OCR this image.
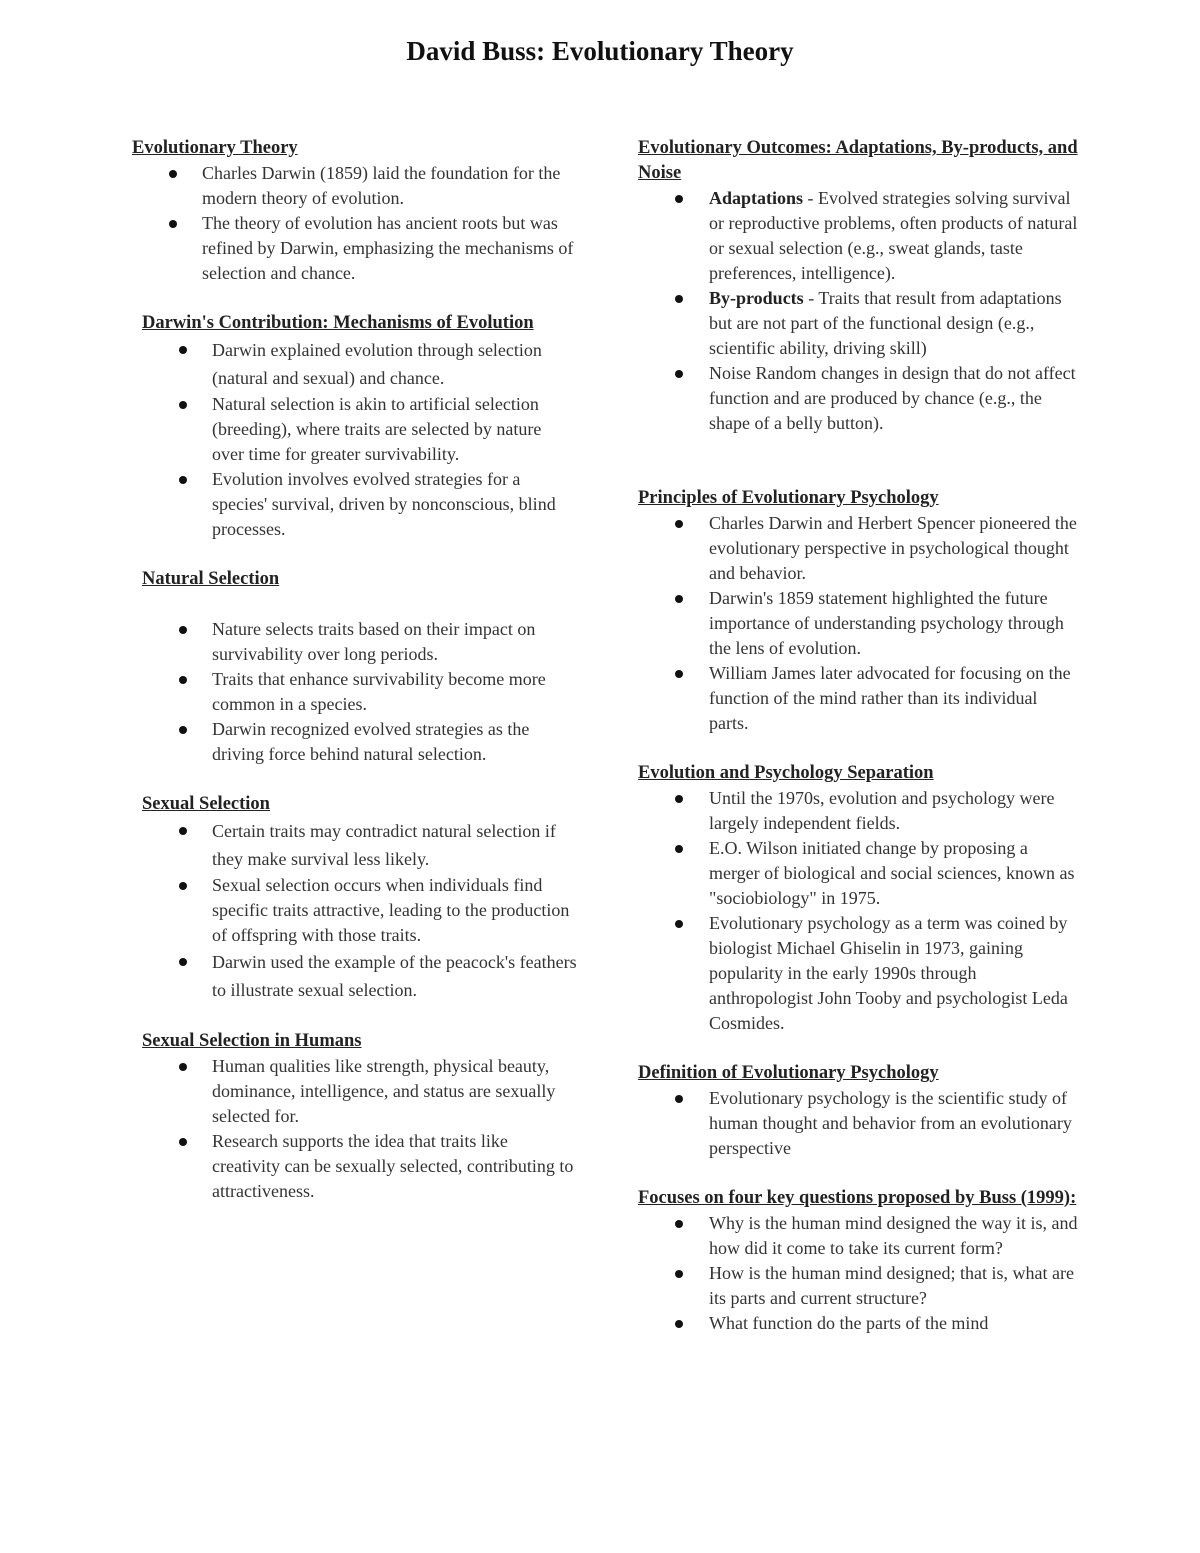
David Buss: Evolutionary Theory

Evolutionary Theory

Charles Darwin (1859) laid the foundation for the modern theory of evolution.
The theory of evolution has ancient roots but was refined by Darwin, emphasizing the mechanisms of selection and chance.

Darwin's Contribution: Mechanisms of Evolution

Darwin explained evolution through selection (natural and sexual) and chance.
Natural selection is akin to artificial selection (breeding), where traits are selected by nature over time for greater survivability.
Evolution involves evolved strategies for a species' survival, driven by nonconscious, blind processes.

Natural Selection

Nature selects traits based on their impact on survivability over long periods.
Traits that enhance survivability become more common in a species.
Darwin recognized evolved strategies as the driving force behind natural selection.

Sexual Selection

Certain traits may contradict natural selection if they make survival less likely.
Sexual selection occurs when individuals find specific traits attractive, leading to the production of offspring with those traits.
Darwin used the example of the peacock's feathers to illustrate sexual selection.

Sexual Selection in Humans

Human qualities like strength, physical beauty, dominance, intelligence, and status are sexually selected for.
Research supports the idea that traits like creativity can be sexually selected, contributing to attractiveness.

Evolutionary Outcomes: Adaptations, By-products, and Noise

Adaptations - Evolved strategies solving survival or reproductive problems, often products of natural or sexual selection (e.g., sweat glands, taste preferences, intelligence).
By-products - Traits that result from adaptations but are not part of the functional design (e.g., scientific ability, driving skill)
Noise Random changes in design that do not affect function and are produced by chance (e.g., the shape of a belly button).

Principles of Evolutionary Psychology

Charles Darwin and Herbert Spencer pioneered the evolutionary perspective in psychological thought and behavior.
Darwin's 1859 statement highlighted the future importance of understanding psychology through the lens of evolution.
William James later advocated for focusing on the function of the mind rather than its individual parts.

Evolution and Psychology Separation

Until the 1970s, evolution and psychology were largely independent fields.
E.O. Wilson initiated change by proposing a merger of biological and social sciences, known as "sociobiology" in 1975.
Evolutionary psychology as a term was coined by biologist Michael Ghiselin in 1973, gaining popularity in the early 1990s through anthropologist John Tooby and psychologist Leda Cosmides.

Definition of Evolutionary Psychology

Evolutionary psychology is the scientific study of human thought and behavior from an evolutionary perspective

Focuses on four key questions proposed by Buss (1999):

Why is the human mind designed the way it is, and how did it come to take its current form?
How is the human mind designed; that is, what are its parts and current structure?
What function do the parts of the mind
